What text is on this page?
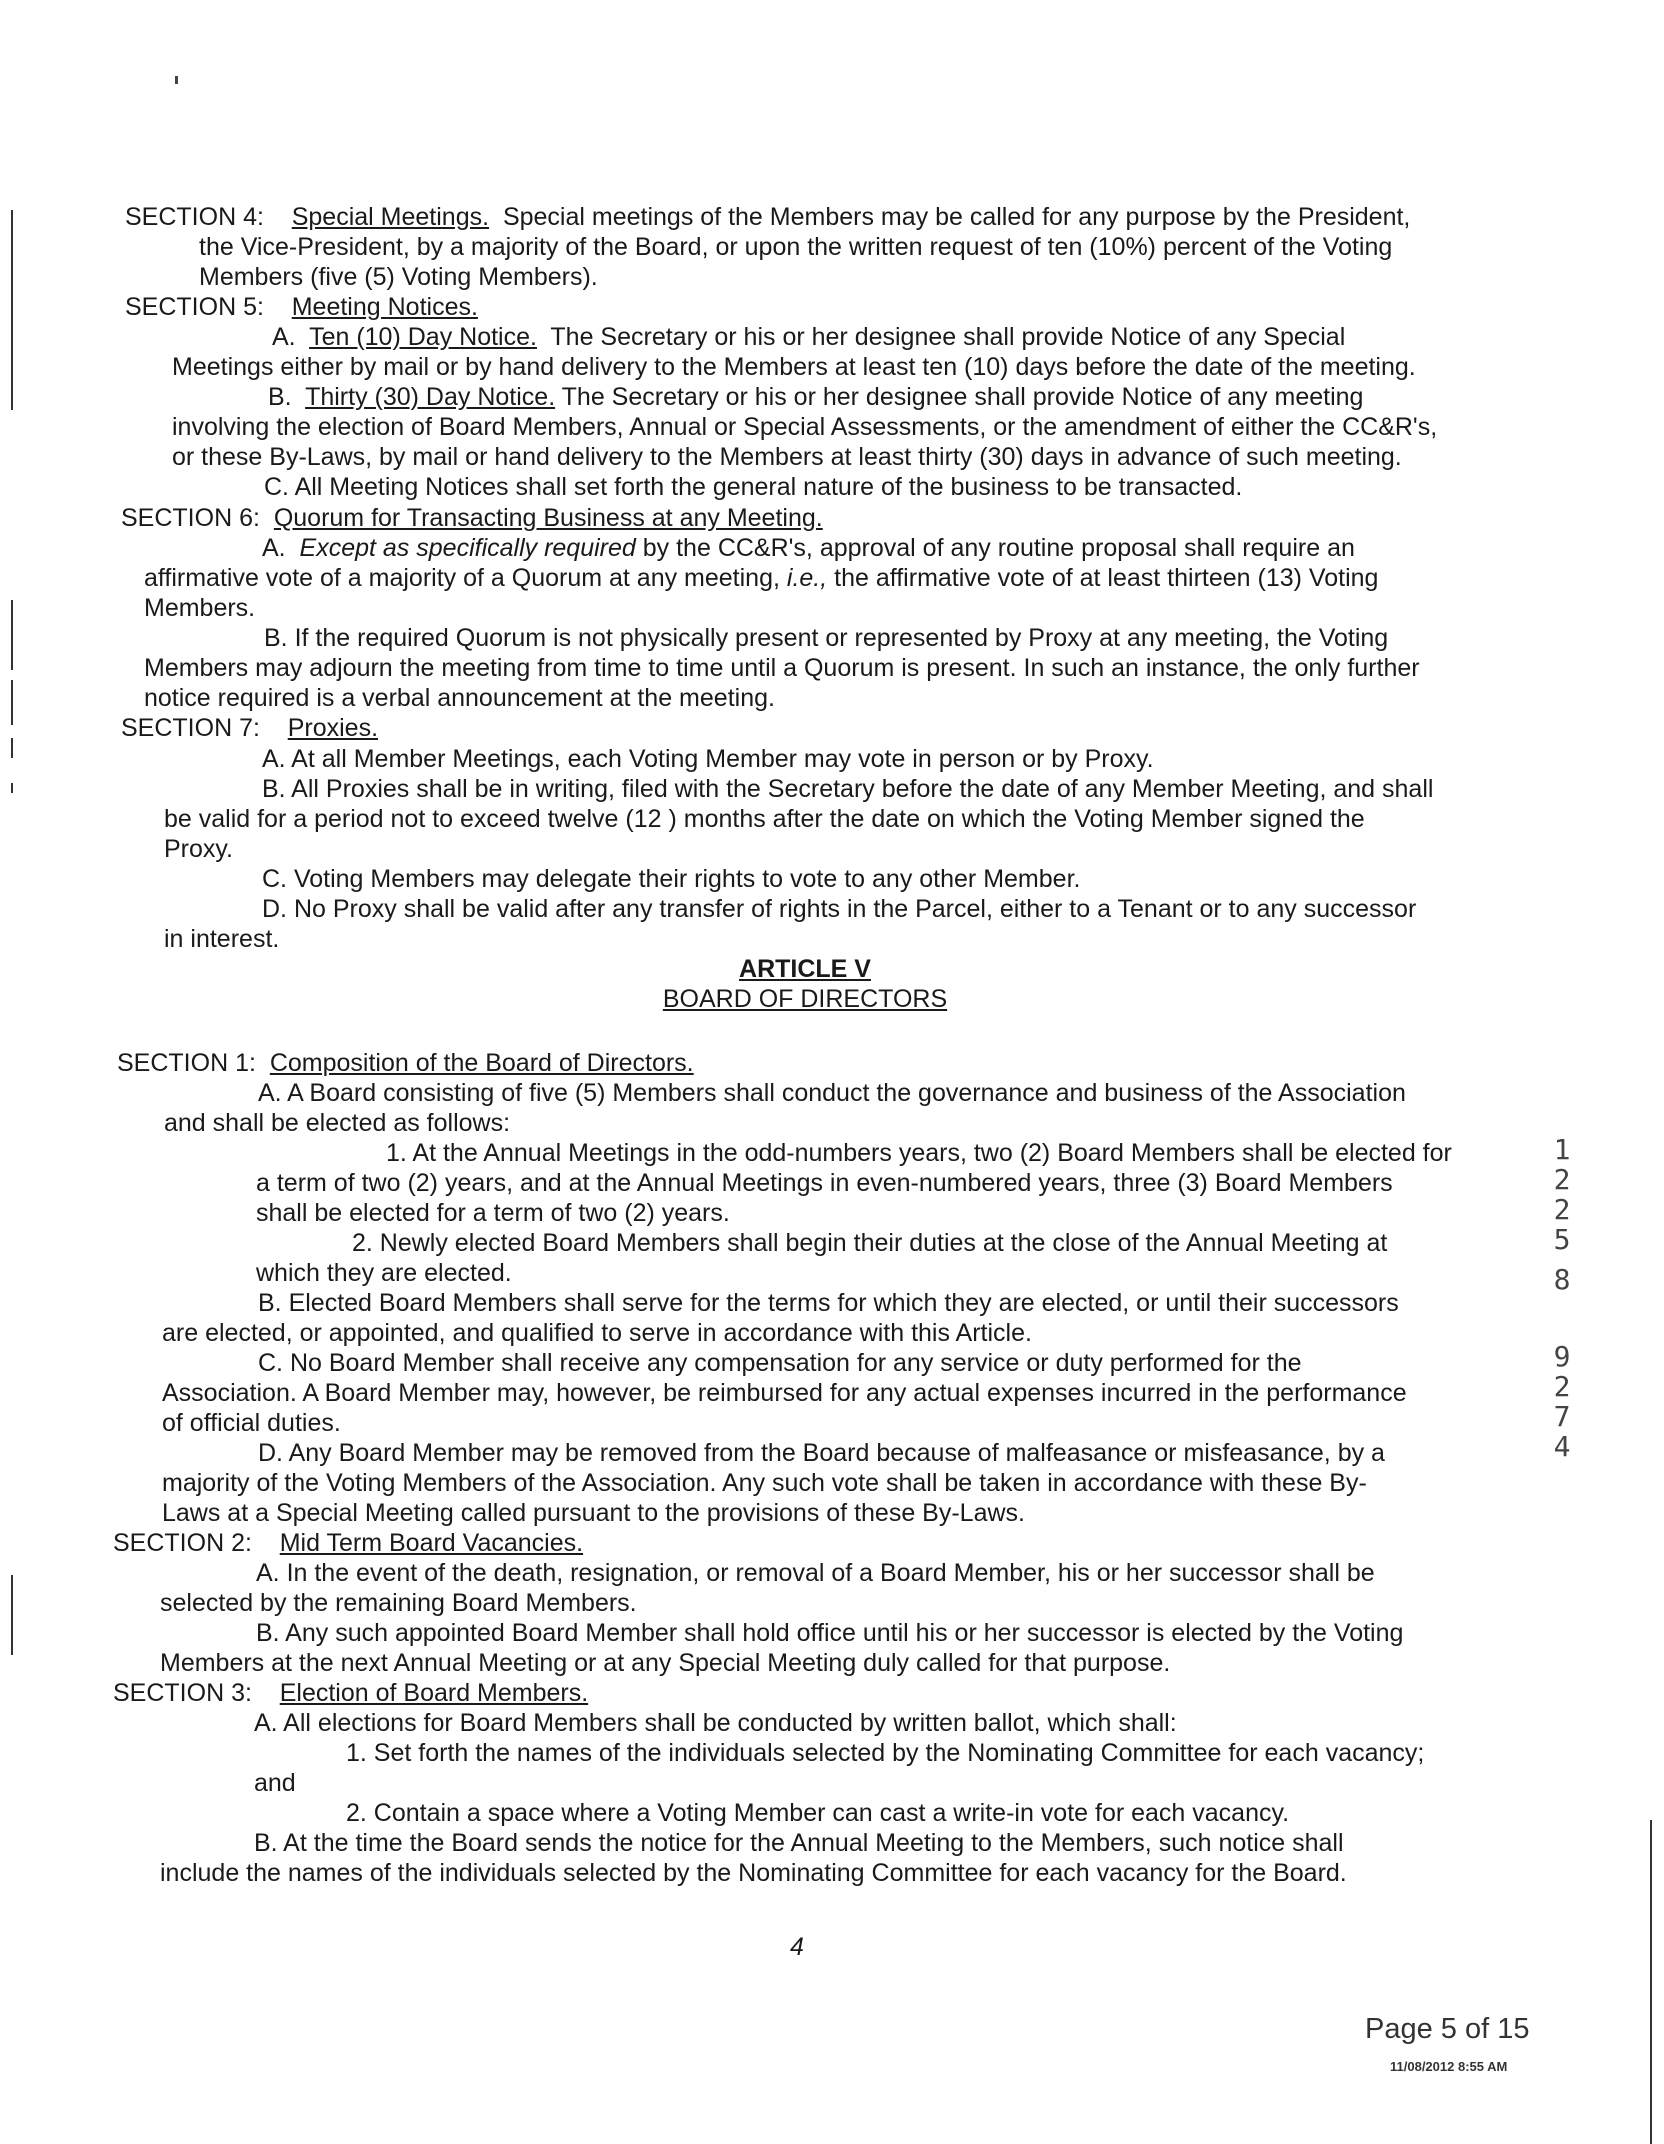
SECTION 4: Special Meetings. Special meetings of the Members may be called for any purpose by the President,
the Vice-President, by a majority of the Board, or upon the written request of ten (10%) percent of the Voting
Members (five (5) Voting Members).
SECTION 5: Meeting Notices.
A. Ten (10) Day Notice. The Secretary or his or her designee shall provide Notice of any Special
Meetings either by mail or by hand delivery to the Members at least ten (10) days before the date of the meeting.
B. Thirty (30) Day Notice. The Secretary or his or her designee shall provide Notice of any meeting
involving the election of Board Members, Annual or Special Assessments, or the amendment of either the CC&R's,
or these By-Laws, by mail or hand delivery to the Members at least thirty (30) days in advance of such meeting.
C. All Meeting Notices shall set forth the general nature of the business to be transacted.
SECTION 6: Quorum for Transacting Business at any Meeting.
A. Except as specifically required by the CC&R's, approval of any routine proposal shall require an
affirmative vote of a majority of a Quorum at any meeting, i.e., the affirmative vote of at least thirteen (13) Voting
Members.
B. If the required Quorum is not physically present or represented by Proxy at any meeting, the Voting
Members may adjourn the meeting from time to time until a Quorum is present. In such an instance, the only further
notice required is a verbal announcement at the meeting.
SECTION 7: Proxies.
A. At all Member Meetings, each Voting Member may vote in person or by Proxy.
B. All Proxies shall be in writing, filed with the Secretary before the date of any Member Meeting, and shall
be valid for a period not to exceed twelve (12 ) months after the date on which the Voting Member signed the
Proxy.
C. Voting Members may delegate their rights to vote to any other Member.
D. No Proxy shall be valid after any transfer of rights in the Parcel, either to a Tenant or to any successor
in interest.
ARTICLE V
BOARD OF DIRECTORS
SECTION 1: Composition of the Board of Directors.
A. A Board consisting of five (5) Members shall conduct the governance and business of the Association
and shall be elected as follows:
1. At the Annual Meetings in the odd-numbers years, two (2) Board Members shall be elected for
a term of two (2) years, and at the Annual Meetings in even-numbered years, three (3) Board Members
shall be elected for a term of two (2) years.
2. Newly elected Board Members shall begin their duties at the close of the Annual Meeting at
which they are elected.
B. Elected Board Members shall serve for the terms for which they are elected, or until their successors
are elected, or appointed, and qualified to serve in accordance with this Article.
C. No Board Member shall receive any compensation for any service or duty performed for the
Association. A Board Member may, however, be reimbursed for any actual expenses incurred in the performance
of official duties.
D. Any Board Member may be removed from the Board because of malfeasance or misfeasance, by a
majority of the Voting Members of the Association. Any such vote shall be taken in accordance with these By-
Laws at a Special Meeting called pursuant to the provisions of these By-Laws.
SECTION 2: Mid Term Board Vacancies.
A. In the event of the death, resignation, or removal of a Board Member, his or her successor shall be
selected by the remaining Board Members.
B. Any such appointed Board Member shall hold office until his or her successor is elected by the Voting
Members at the next Annual Meeting or at any Special Meeting duly called for that purpose.
SECTION 3: Election of Board Members.
A. All elections for Board Members shall be conducted by written ballot, which shall:
1. Set forth the names of the individuals selected by the Nominating Committee for each vacancy;
and
2. Contain a space where a Voting Member can cast a write-in vote for each vacancy.
B. At the time the Board sends the notice for the Annual Meeting to the Members, such notice shall
include the names of the individuals selected by the Nominating Committee for each vacancy for the Board.
1
2
2
5
8
9
2
7
4
4
Page 5 of 15
11/08/2012 8:55 AM
